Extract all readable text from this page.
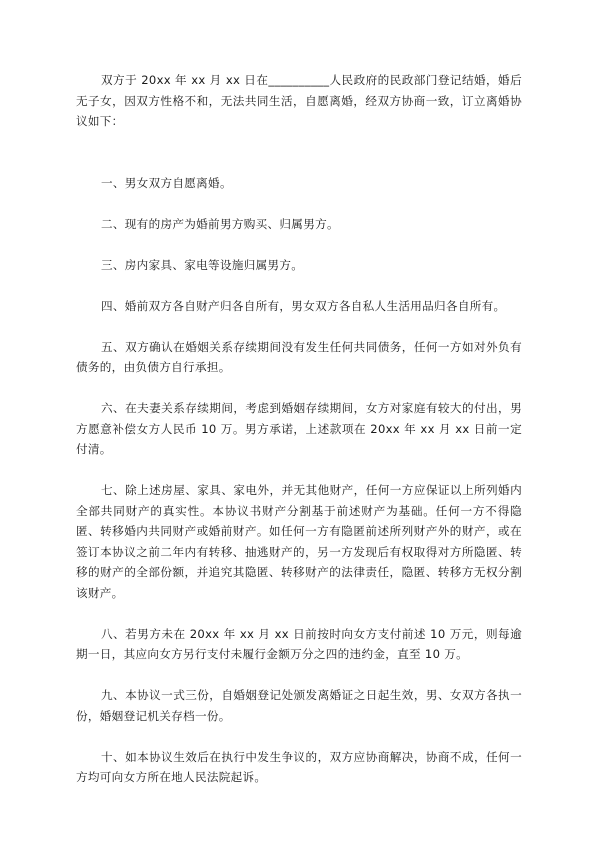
双方于 20xx 年 xx 月 xx 日在__________人民政府的民政部门登记结婚，婚后无子女，因双方性格不和，无法共同生活，自愿离婚，经双方协商一致，订立离婚协议如下：

一、男女双方自愿离婚。

二、现有的房产为婚前男方购买、归属男方。

三、房内家具、家电等设施归属男方。

四、婚前双方各自财产归各自所有，男女双方各自私人生活用品归各自所有。

五、双方确认在婚姻关系存续期间没有发生任何共同债务，任何一方如对外负有债务的，由负债方自行承担。

六、在夫妻关系存续期间，考虑到婚姻存续期间，女方对家庭有较大的付出，男方愿意补偿女方人民币 10 万。男方承诺，上述款项在 20xx 年 xx 月 xx 日前一定付清。

七、除上述房屋、家具、家电外，并无其他财产，任何一方应保证以上所列婚内全部共同财产的真实性。本协议书财产分割基于前述财产为基础。任何一方不得隐匿、转移婚内共同财产或婚前财产。如任何一方有隐匿前述所列财产外的财产，或在签订本协议之前二年内有转移、抽逃财产的，另一方发现后有权取得对方所隐匿、转移的财产的全部份额，并追究其隐匿、转移财产的法律责任，隐匿、转移方无权分割该财产。

八、若男方未在 20xx 年 xx 月 xx 日前按时向女方支付前述 10 万元，则每逾期一日，其应向女方另行支付未履行金额万分之四的违约金，直至 10 万。

九、本协议一式三份，自婚姻登记处颁发离婚证之日起生效，男、女双方各执一份，婚姻登记机关存档一份。

十、如本协议生效后在执行中发生争议的，双方应协商解决，协商不成，任何一方均可向女方所在地人民法院起诉。
